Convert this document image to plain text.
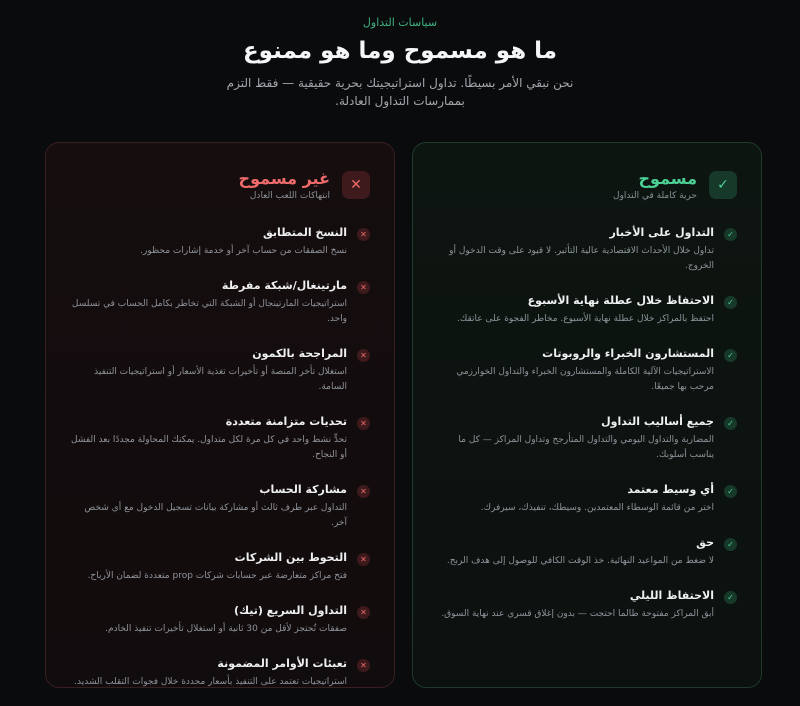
سياسات التداول
ما هو مسموح وما هو ممنوع

نحن نبقي الأمر بسيطًا. تداول استراتيجيتك بحرية حقيقية — فقط التزم بممارسات التداول العادلة.

✓
مسموح
حرية كاملة في التداول
✓
التداول على الأخبار
تداول خلال الأحداث الاقتصادية عالية التأثير. لا قيود على وقت الدخول أو الخروج.
✓
الاحتفاظ خلال عطلة نهاية الأسبوع
احتفظ بالمراكز خلال عطلة نهاية الأسبوع. مخاطر الفجوة على عاتقك.
✓
المستشارون الخبراء والروبوتات
الاستراتيجيات الآلية الكاملة والمستشارون الخبراء والتداول الخوارزمي مرحب بها جميعًا.
✓
جميع أساليب التداول
المضاربة والتداول اليومي والتداول المتأرجح وتداول المراكز — كل ما يناسب أسلوبك.
✓
أي وسيط معتمد
اختر من قائمة الوسطاء المعتمدين. وسيطك، تنفيذك، سيرفرك.
✓
حق
لا ضغط من المواعيد النهائية. خذ الوقت الكافي للوصول إلى هدف الربح.
✓
الاحتفاظ الليلي
أبق المراكز مفتوحة طالما احتجت — بدون إغلاق قسري عند نهاية السوق.
✕
غير مسموح
انتهاكات اللعب العادل
✕
النسخ المتطابق
نسخ الصفقات من حساب آخر أو خدمة إشارات محظور.
✕
مارتينغال/شبكة مفرطة
استراتيجيات المارتينجال أو الشبكة التي تخاطر بكامل الحساب في تسلسل واحد.
✕
المراجحة بالكمون
استغلال تأخر المنصة أو تأخيرات تغذية الأسعار أو استراتيجيات التنفيذ السامة.
✕
تحديات متزامنة متعددة
تحدٍّ نشط واحد في كل مرة لكل متداول. يمكنك المحاولة مجددًا بعد الفشل أو النجاح.
✕
مشاركة الحساب
التداول عبر طرف ثالث أو مشاركة بيانات تسجيل الدخول مع أي شخص آخر.
✕
التحوط بين الشركات
فتح مراكز متعارضة عبر حسابات شركات prop متعددة لضمان الأرباح.
✕
التداول السريع (تيك)
صفقات تُحتجز لأقل من 30 ثانية أو استغلال تأخيرات تنفيذ الخادم.
✕
تعبئات الأوامر المضمونة
استراتيجيات تعتمد على التنفيذ بأسعار محددة خلال فجوات التقلب الشديد.
